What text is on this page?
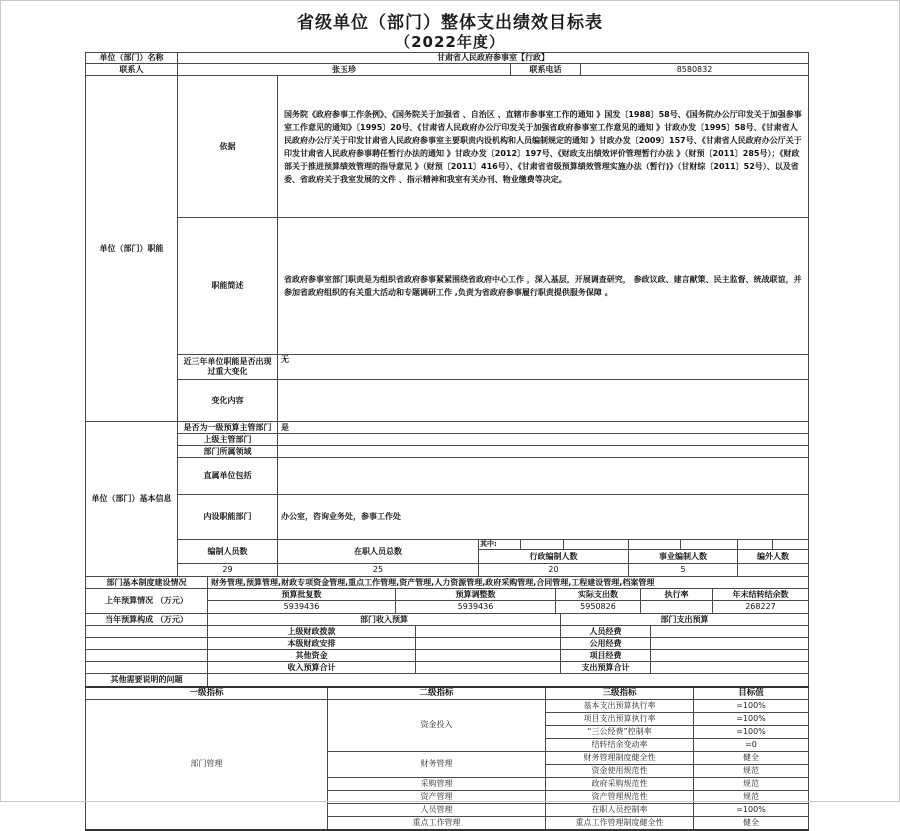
省级单位（部门）整体支出绩效目标表
（2022年度）
单位（部门）名称	甘肃省人民政府参事室【行政】		
联系人	张玉珍	联系电话	8580832
单位（部门）职能	依据	国务院《政府参事工作条例》、《国务院关于加强省 、自治区 、直辖市参事室工作的通知 》国发〔1988〕58号、《国务院办公厅印发关于加强参事室工作意见的通知》〔1995〕20号、《甘肃省人民政府办公厅印发关于加强省政府参事室工作意见的通知 》甘政办发〔1995〕58号、《甘肃省人民政府办公厅关于印发甘肃省人民政府参事室主要职责内设机构和人员编制规定的通知 》甘政办发〔2009〕157号、《甘肃省人民政府办公厅关于印发甘肃省人民政府参事聘任暂行办法的通知 》甘政办发〔2012〕197号、《财政支出绩效评价管理暂行办法 》（财预〔2011〕285号）；《财政部关于推进预算绩效管理的指导意见 》（财预〔2011〕416号）、《甘肃省省级预算绩效管理实施办法（暂行)》（甘财综〔2011〕52号）、以及省委、省政府关于我室发展的文件 、指示精神和我室有关办刊、物业缴费等决定。
	职能简述	省政府参事室部门职责是为组织省政府参事紧紧围绕省政府中心工作 ，深入基层，开展调查研究， 参政议政、建言献策、民主监督、统战联谊，并参加省政府组织的有关重大活动和专题调研工作 ,负责为省政府参事履行职责提供服务保障 。
	近三年单位职能是否出现过重大变化	无
	变化内容	
单位（部门）基本信息	是否为一级预算主管部门	是							
	上级主管部门								
	部门所属领域								
	直属单位包括								
	内设职能部门	办公室，咨询业务处，参事工作处							
	编制人员数	在职人员总数	其中:						
			行政编制人数			事业编制人数		编外人数	
	29	25	20			5			
部门基本制度建设情况	财务管理,预算管理,财政专项资金管理,重点工作管理,资产管理,人力资源管理,政府采购管理,合同管理,工程建设管理,档案管理
上年预算情况 （万元）	预算批复数	预算调整数	实际支出数	执行率	年末结转结余数
	5939436	5939436	5950826		268227
当年预算构成 （万元）	部门收入预算		部门支出预算	
	上级财政拨款		人员经费	
	本级财政安排		公用经费	
	其他资金		项目经费	
	收入预算合计		支出预算合计	
其他需要说明的问题				
一级指标	二级指标	三级指标	目标值
部门管理	资金投入	基本支出预算执行率	=100%
		项目支出预算执行率	=100%
		“三公经费”控制率	=100%
		结转结余变动率	=0
	财务管理	财务管理制度健全性	健全
		资金使用规范性	规范
	采购管理	政府采购规范性	规范
	资产管理	资产管理规范性	规范
	人员管理	在职人员控制率	=100%
	重点工作管理	重点工作管理制度健全性	健全
